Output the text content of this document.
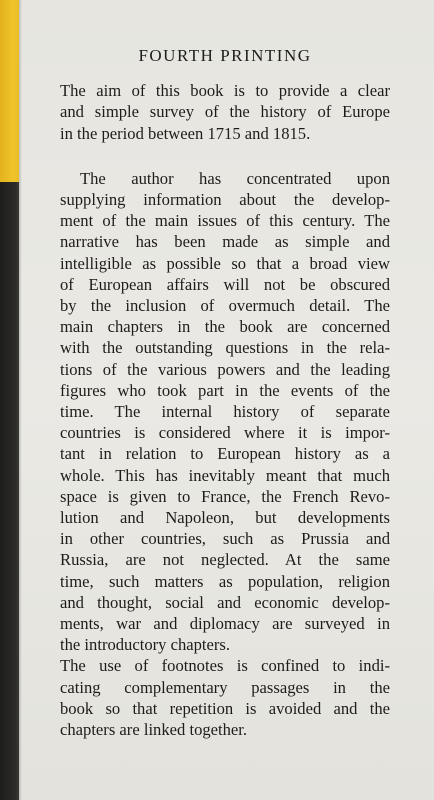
FOURTH PRINTING

The aim of this book is to provide a clear
and simple survey of the history of Europe
in the period between 1715 and 1815.

The author has concentrated upon
supplying information about the develop-
ment of the main issues of this century. The
narrative has been made as simple and
intelligible as possible so that a broad view
of European affairs will not be obscured
by the inclusion of overmuch detail. The
main chapters in the book are concerned
with the outstanding questions in the rela-
tions of the various powers and the leading
figures who took part in the events of the
time. The internal history of separate
countries is considered where it is impor-
tant in relation to European history as a
whole. This has inevitably meant that much
space is given to France, the French Revo-
lution and Napoleon, but developments
in other countries, such as Prussia and
Russia, are not neglected. At the same
time, such matters as population, religion
and thought, social and economic develop-
ments, war and diplomacy are surveyed in
the introductory chapters.

The use of footnotes is confined to indi-
cating complementary passages in the
book so that repetition is avoided and the
chapters are linked together.
